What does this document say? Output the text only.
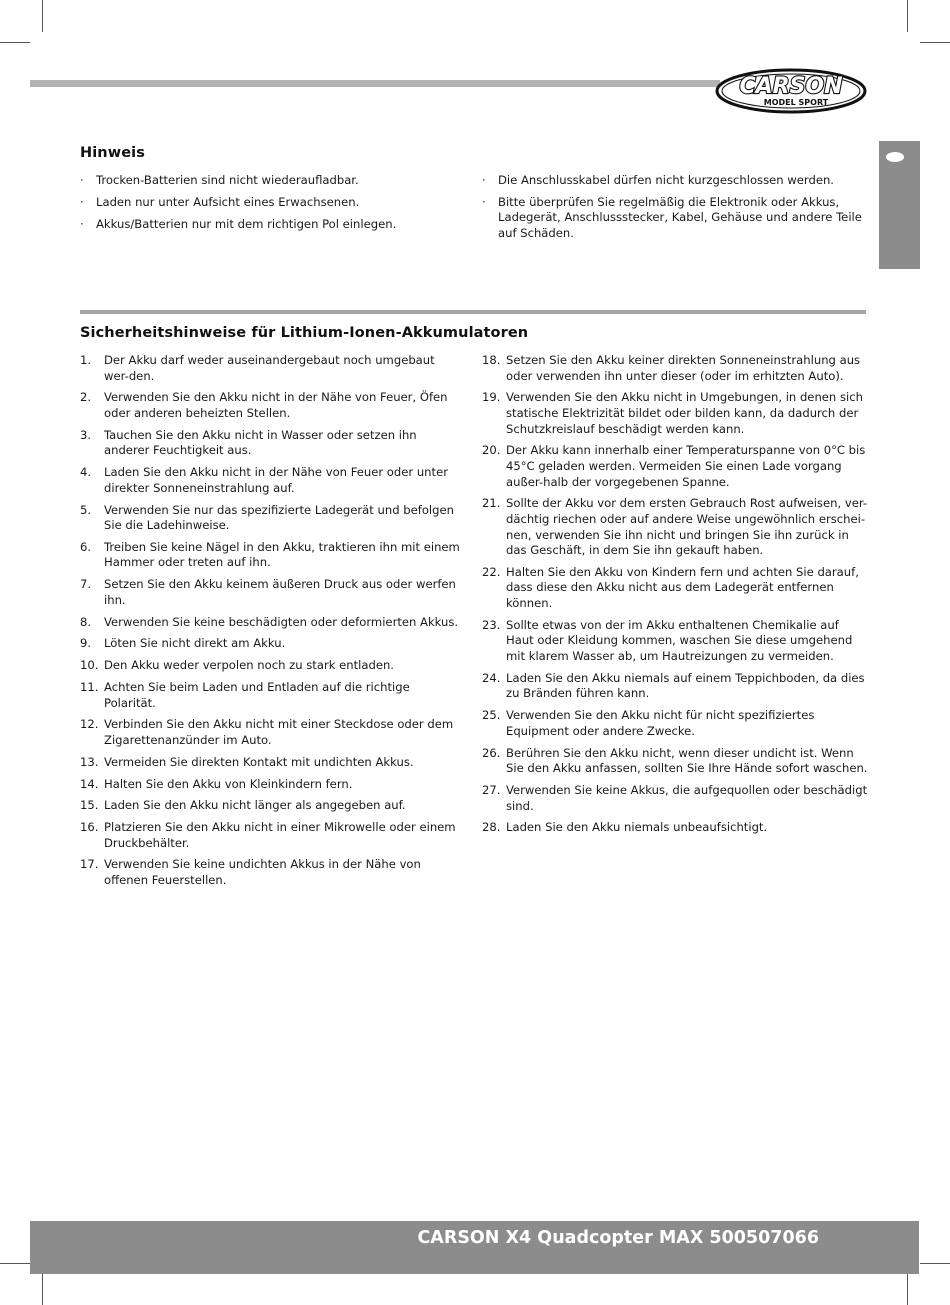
CARSON
MODEL SPORT
Hinweis
· Trocken-Batterien sind nicht wiederaufladbar.
· Laden nur unter Aufsicht eines Erwachsenen.
· Akkus/Batterien nur mit dem richtigen Pol einlegen.
· Die Anschlusskabel dürfen nicht kurzgeschlossen werden.
· Bitte überprüfen Sie regelmäßig die Elektronik oder Akkus, Ladegerät, Anschlussstecker, Kabel, Gehäuse und andere Teile auf Schäden.
Sicherheitshinweise für Lithium-Ionen-Akkumulatoren
1. Der Akku darf weder auseinandergebaut noch umgebaut wer-den.
2. Verwenden Sie den Akku nicht in der Nähe von Feuer, Öfen oder anderen beheizten Stellen.
3. Tauchen Sie den Akku nicht in Wasser oder setzen ihn anderer Feuchtigkeit aus.
4. Laden Sie den Akku nicht in der Nähe von Feuer oder unter direkter Sonneneinstrahlung auf.
5. Verwenden Sie nur das spezifizierte Ladegerät und befolgen Sie die Ladehinweise.
6. Treiben Sie keine Nägel in den Akku, traktieren ihn mit einem Hammer oder treten auf ihn.
7. Setzen Sie den Akku keinem äußeren Druck aus oder werfen ihn.
8. Verwenden Sie keine beschädigten oder deformierten Akkus.
9. Löten Sie nicht direkt am Akku.
10. Den Akku weder verpolen noch zu stark entladen.
11. Achten Sie beim Laden und Entladen auf die richtige Polarität.
12. Verbinden Sie den Akku nicht mit einer Steckdose oder dem Zigarettenanzünder im Auto.
13. Vermeiden Sie direkten Kontakt mit undichten Akkus.
14. Halten Sie den Akku von Kleinkindern fern.
15. Laden Sie den Akku nicht länger als angegeben auf.
16. Platzieren Sie den Akku nicht in einer Mikrowelle oder einem Druckbehälter.
17. Verwenden Sie keine undichten Akkus in der Nähe von offenen Feuerstellen.
18. Setzen Sie den Akku keiner direkten Sonneneinstrahlung aus oder verwenden ihn unter dieser (oder im erhitzten Auto).
19. Verwenden Sie den Akku nicht in Umgebungen, in denen sich statische Elektrizität bildet oder bilden kann, da dadurch der Schutzkreislauf beschädigt werden kann.
20. Der Akku kann innerhalb einer Temperaturspanne von 0°C bis 45°C geladen werden. Vermeiden Sie einen Lade vorgang außer-halb der vorgegebenen Spanne.
21. Sollte der Akku vor dem ersten Gebrauch Rost aufweisen, ver-dächtig riechen oder auf andere Weise ungewöhnlich erschei-nen, verwenden Sie ihn nicht und bringen Sie ihn zurück in das Geschäft, in dem Sie ihn gekauft haben.
22. Halten Sie den Akku von Kindern fern und achten Sie darauf, dass diese den Akku nicht aus dem Ladegerät entfernen können.
23. Sollte etwas von der im Akku enthaltenen Chemikalie auf Haut oder Kleidung kommen, waschen Sie diese umgehend mit klarem Wasser ab, um Hautreizungen zu vermeiden.
24. Laden Sie den Akku niemals auf einem Teppichboden, da dies zu Bränden führen kann.
25. Verwenden Sie den Akku nicht für nicht spezifiziertes Equipment oder andere Zwecke.
26. Berühren Sie den Akku nicht, wenn dieser undicht ist. Wenn Sie den Akku anfassen, sollten Sie Ihre Hände sofort waschen.
27. Verwenden Sie keine Akkus, die aufgequollen oder beschädigt sind.
28. Laden Sie den Akku niemals unbeaufsichtigt.
CARSON X4 Quadcopter MAX 500507066
